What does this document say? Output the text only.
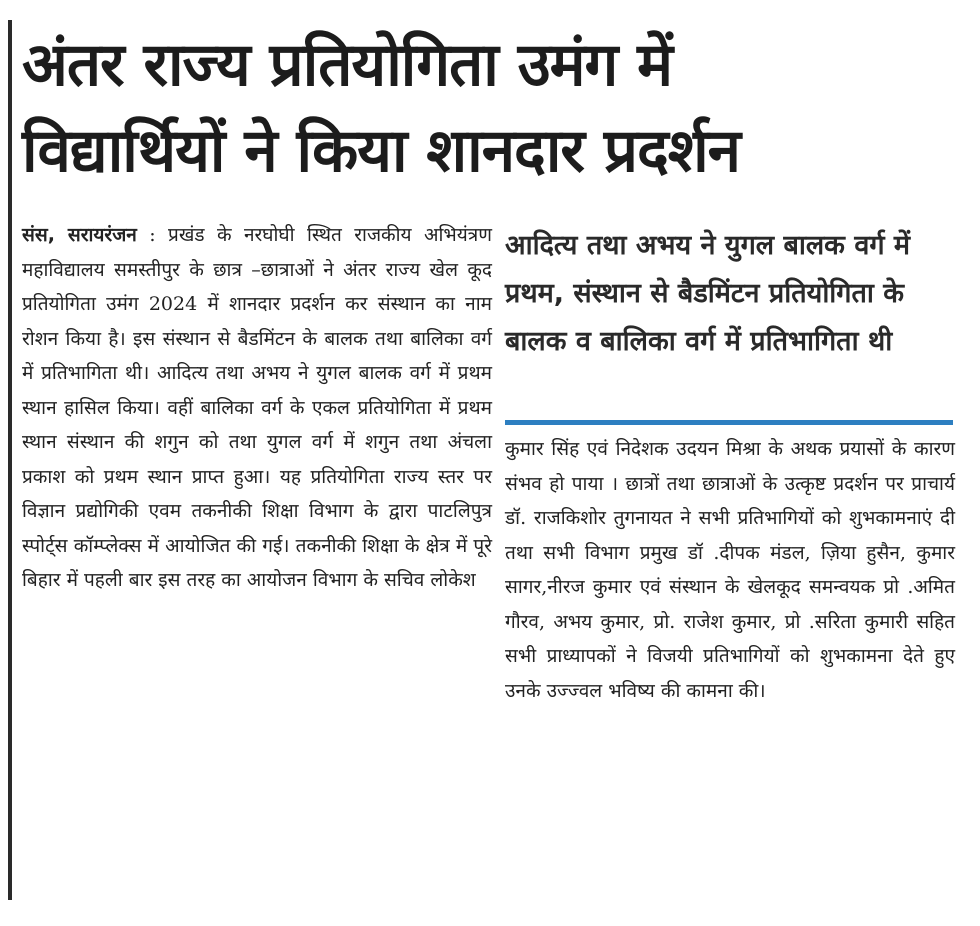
अंतर राज्य प्रतियोगिता उमंग में
विद्यार्थियों ने किया शानदार प्रदर्शन

संस, सरायरंजन : प्रखंड के नरघोघी स्थित राजकीय अभियंत्रण महाविद्यालय समस्तीपुर के छात्र –छात्राओं ने अंतर राज्य खेल कूद प्रतियोगिता उमंग 2024 में शानदार प्रदर्शन कर संस्थान का नाम रोशन किया है। इस संस्थान से बैडमिंटन के बालक तथा बालिका वर्ग में प्रतिभागिता थी। आदित्य तथा अभय ने युगल बालक वर्ग में प्रथम स्थान हासिल किया। वहीं बालिका वर्ग के एकल प्रतियोगिता में प्रथम स्थान संस्थान की शगुन को तथा युगल वर्ग में शगुन तथा अंचला प्रकाश को प्रथम स्थान प्राप्त हुआ। यह प्रतियोगिता राज्य स्तर पर विज्ञान प्रद्योगिकी एवम तकनीकी शिक्षा विभाग के द्वारा पाटलिपुत्र स्पोर्ट्स कॉम्प्लेक्स में आयोजित की गई। तकनीकी शिक्षा के क्षेत्र में पूरे बिहार में पहली बार इस तरह का आयोजन विभाग के सचिव लोकेश

आदित्य तथा अभय ने युगल बालक वर्ग में प्रथम, संस्थान से बैडमिंटन प्रतियोगिता के बालक व बालिका वर्ग में प्रतिभागिता थी

कुमार सिंह एवं निदेशक उदयन मिश्रा के अथक प्रयासों के कारण संभव हो पाया । छात्रों तथा छात्राओं के उत्कृष्ट प्रदर्शन पर प्राचार्य डॉ. राजकिशोर तुगनायत ने सभी प्रतिभागियों को शुभकामनाएं दी तथा सभी विभाग प्रमुख डॉ .दीपक मंडल, ज़िया हुसैन, कुमार सागर,नीरज कुमार एवं संस्थान के खेलकूद समन्वयक प्रो .अमित गौरव, अभय कुमार, प्रो. राजेश कुमार, प्रो .सरिता कुमारी सहित सभी प्राध्यापकों ने विजयी प्रतिभागियों को शुभकामना देते हुए उनके उज्ज्वल भविष्य की कामना की।
